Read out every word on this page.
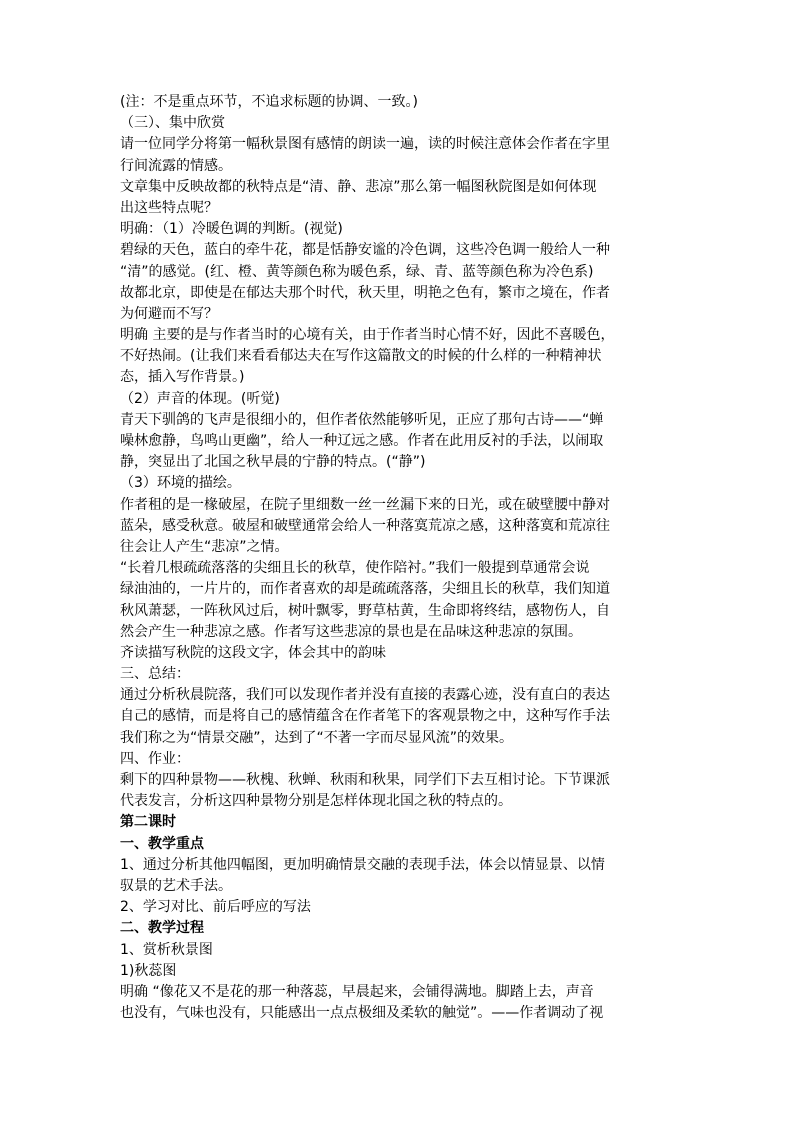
(注：不是重点环节，不追求标题的协调、一致。)
（三）、集中欣赏
请一位同学分将第一幅秋景图有感情的朗读一遍，读的时候注意体会作者在字里
行间流露的情感。
文章集中反映故都的秋特点是“清、静、悲凉”那么第一幅图秋院图是如何体现
出这些特点呢？
明确：（1）冷暖色调的判断。(视觉)
碧绿的天色，蓝白的牵牛花，都是恬静安谧的冷色调，这些冷色调一般给人一种
“清”的感觉。(红、橙、黄等颜色称为暖色系，绿、青、蓝等颜色称为冷色系)
故都北京，即使是在郁达夫那个时代，秋天里，明艳之色有，繁市之境在，作者
为何避而不写？
明确 主要的是与作者当时的心境有关，由于作者当时心情不好，因此不喜暖色，
不好热闹。(让我们来看看郁达夫在写作这篇散文的时候的什么样的一种精神状
态，插入写作背景。)
（2）声音的体现。(听觉)
青天下驯鸽的飞声是很细小的，但作者依然能够听见，正应了那句古诗——“蝉
噪林愈静，鸟鸣山更幽”，给人一种辽远之感。作者在此用反衬的手法，以闹取
静，突显出了北国之秋早晨的宁静的特点。(“静”)
（3）环境的描绘。
作者租的是一椽破屋，在院子里细数一丝一丝漏下来的日光，或在破壁腰中静对
蓝朵，感受秋意。破屋和破壁通常会给人一种落寞荒凉之感，这种落寞和荒凉往
往会让人产生“悲凉”之情。
“长着几根疏疏落落的尖细且长的秋草，使作陪衬。”我们一般提到草通常会说
绿油油的，一片片的，而作者喜欢的却是疏疏落落，尖细且长的秋草，我们知道
秋风萧瑟，一阵秋风过后，树叶飘零，野草枯黄，生命即将终结，感物伤人，自
然会产生一种悲凉之感。作者写这些悲凉的景也是在品味这种悲凉的氛围。
齐读描写秋院的这段文字，体会其中的韵味
三、总结：
通过分析秋晨院落，我们可以发现作者并没有直接的表露心迹，没有直白的表达
自己的感情，而是将自己的感情蕴含在作者笔下的客观景物之中，这种写作手法
我们称之为“情景交融”，达到了“不著一字而尽显风流”的效果。
四、作业：
剩下的四种景物——秋槐、秋蝉、秋雨和秋果，同学们下去互相讨论。下节课派
代表发言，分析这四种景物分别是怎样体现北国之秋的特点的。
第二课时
一、教学重点
1、通过分析其他四幅图，更加明确情景交融的表现手法，体会以情显景、以情
驭景的艺术手法。
2、学习对比、前后呼应的写法
二、教学过程
1、赏析秋景图
1)秋蕊图
明确 “像花又不是花的那一种落蕊，早晨起来，会铺得满地。脚踏上去，声音
也没有，气味也没有，只能感出一点点极细及柔软的触觉”。——作者调动了视
